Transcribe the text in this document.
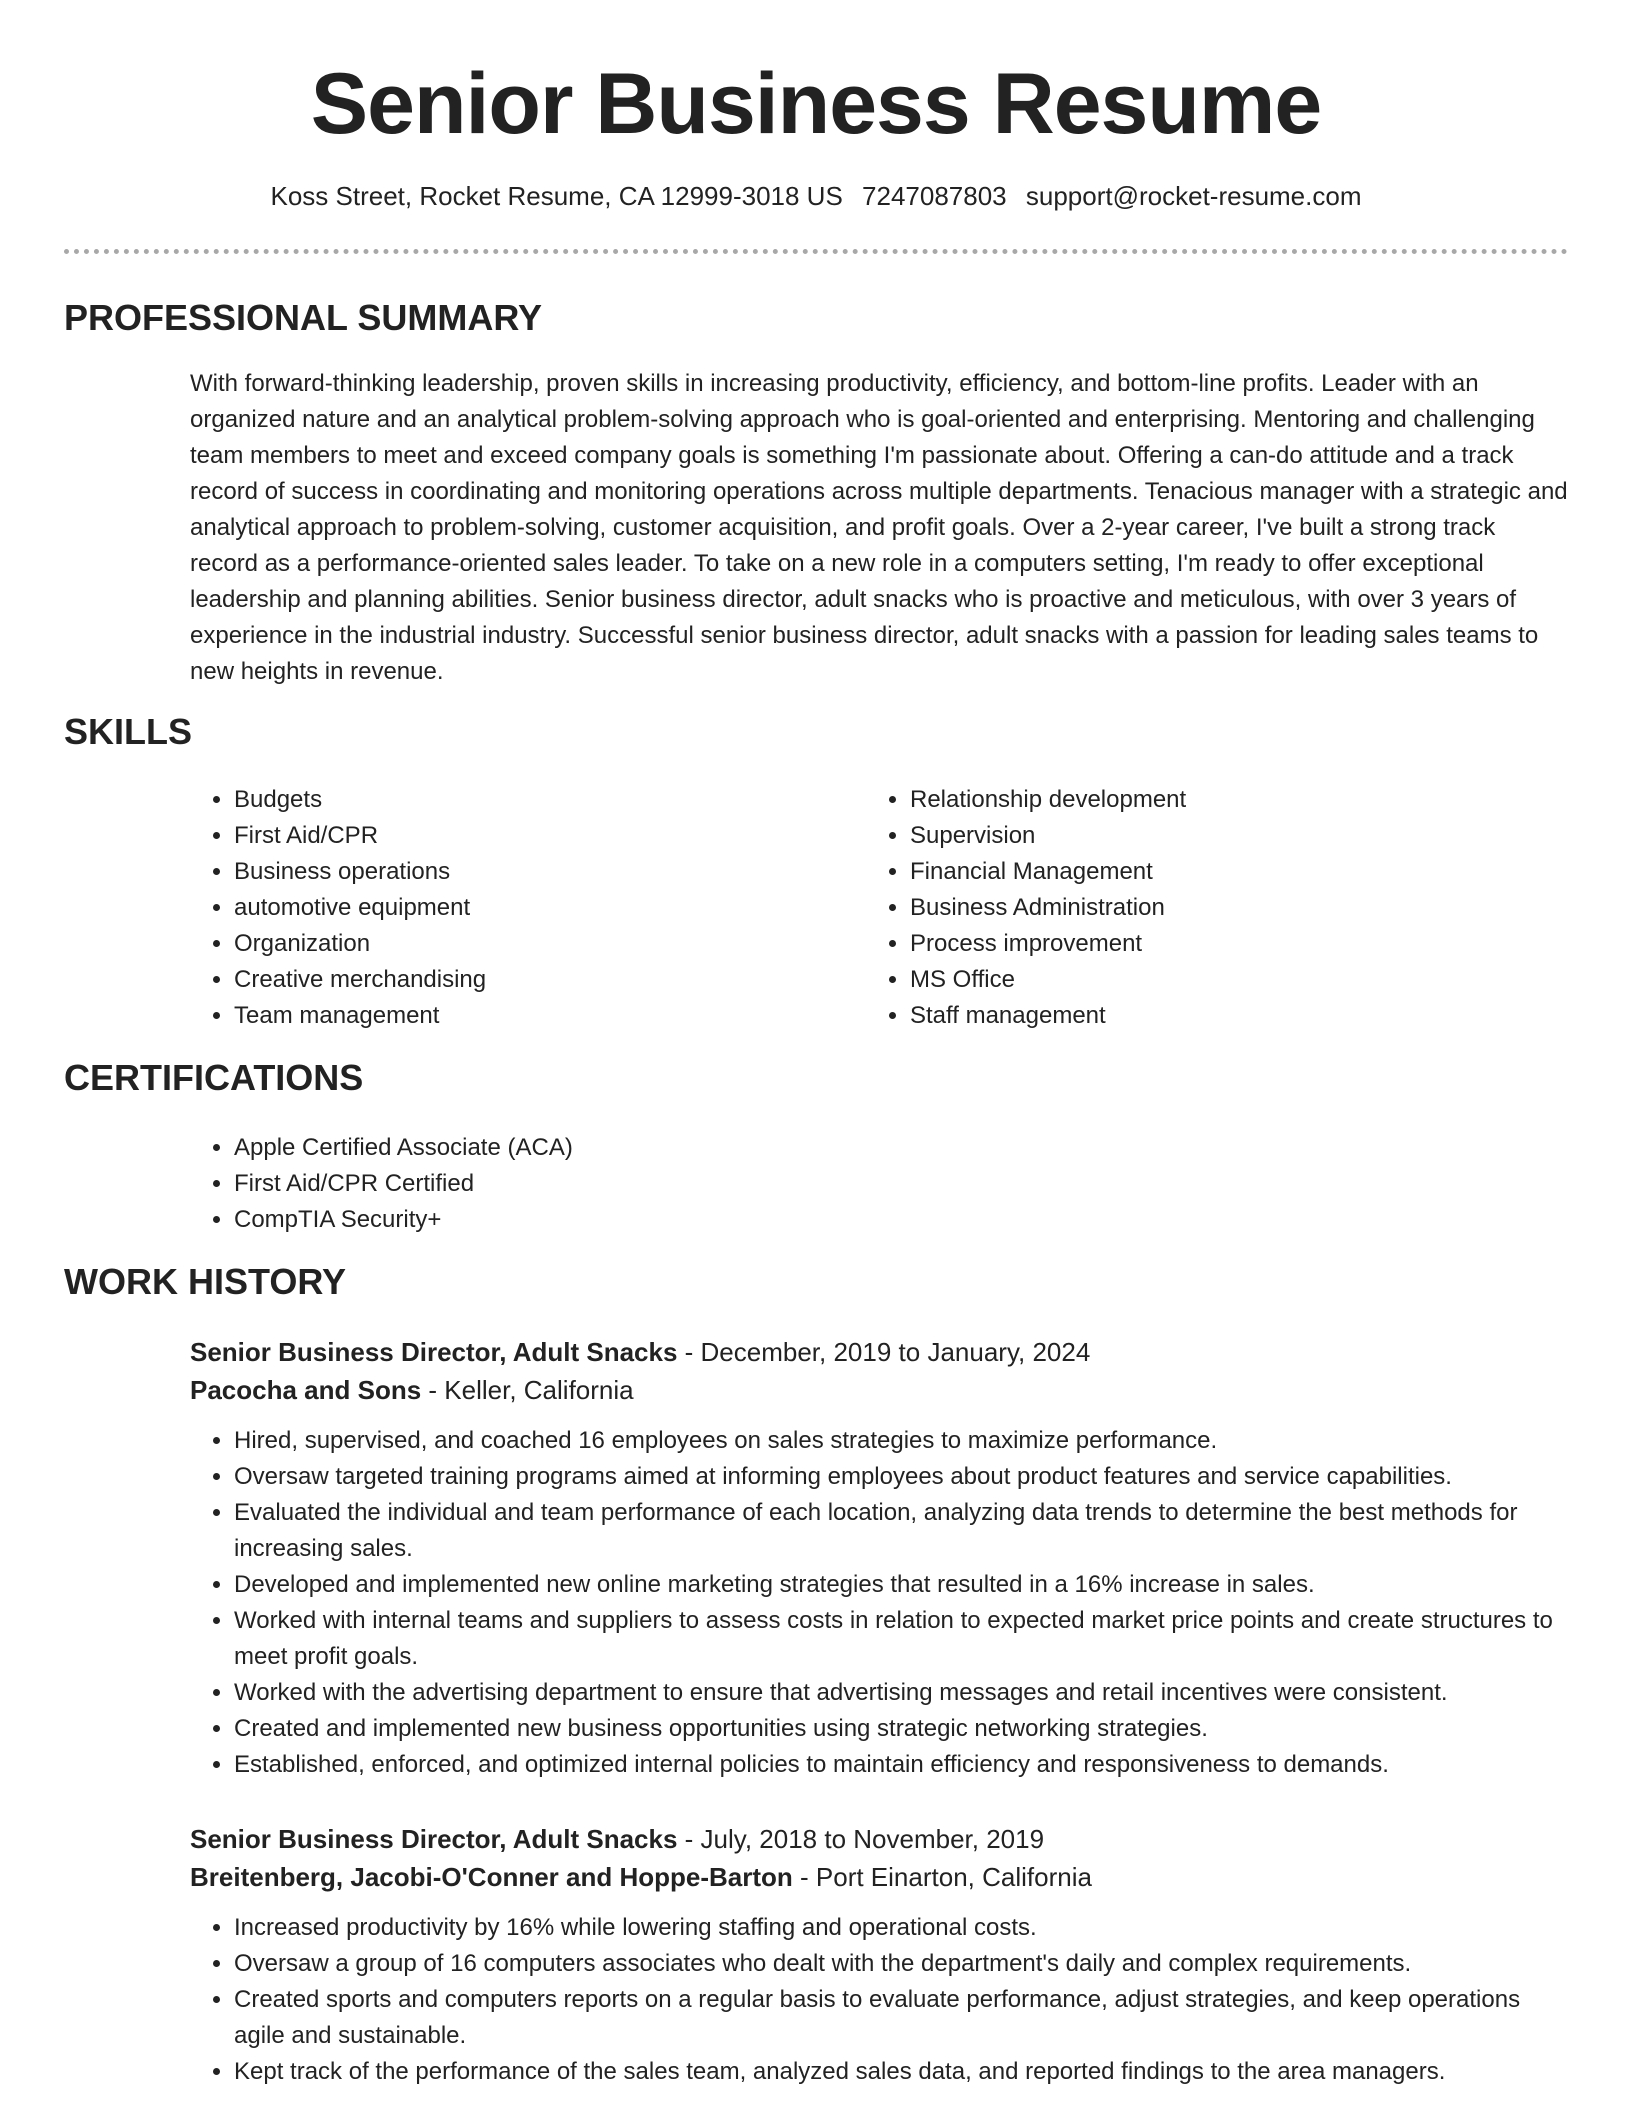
Senior Business Resume
Koss Street, Rocket Resume, CA 12999-3018 US 7247087803 support@rocket-resume.com
PROFESSIONAL SUMMARY

With forward-thinking leadership, proven skills in increasing productivity, efficiency, and bottom-line profits. Leader with an organized nature and an analytical problem-solving approach who is goal-oriented and enterprising. Mentoring and challenging team members to meet and exceed company goals is something I'm passionate about. Offering a can-do attitude and a track record of success in coordinating and monitoring operations across multiple departments. Tenacious manager with a strategic and analytical approach to problem-solving, customer acquisition, and profit goals. Over a 2-year career, I've built a strong track record as a performance-oriented sales leader. To take on a new role in a computers setting, I'm ready to offer exceptional leadership and planning abilities. Senior business director, adult snacks who is proactive and meticulous, with over 3 years of experience in the industrial industry. Successful senior business director, adult snacks with a passion for leading sales teams to new heights in revenue.

SKILLS
• Budgets
• First Aid/CPR
• Business operations
• automotive equipment
• Organization
• Creative merchandising
• Team management
• Relationship development
• Supervision
• Financial Management
• Business Administration
• Process improvement
• MS Office
• Staff management
CERTIFICATIONS
• Apple Certified Associate (ACA)
• First Aid/CPR Certified
• CompTIA Security+
WORK HISTORY

Senior Business Director, Adult Snacks - December, 2019 to January, 2024

Pacocha and Sons - Keller, California

• Hired, supervised, and coached 16 employees on sales strategies to maximize performance.
• Oversaw targeted training programs aimed at informing employees about product features and service capabilities.
• Evaluated the individual and team performance of each location, analyzing data trends to determine the best methods for increasing sales.
• Developed and implemented new online marketing strategies that resulted in a 16% increase in sales.
• Worked with internal teams and suppliers to assess costs in relation to expected market price points and create structures to meet profit goals.
• Worked with the advertising department to ensure that advertising messages and retail incentives were consistent.
• Created and implemented new business opportunities using strategic networking strategies.
• Established, enforced, and optimized internal policies to maintain efficiency and responsiveness to demands.

Senior Business Director, Adult Snacks - July, 2018 to November, 2019

Breitenberg, Jacobi-O'Conner and Hoppe-Barton - Port Einarton, California

• Increased productivity by 16% while lowering staffing and operational costs.
• Oversaw a group of 16 computers associates who dealt with the department's daily and complex requirements.
• Created sports and computers reports on a regular basis to evaluate performance, adjust strategies, and keep operations agile and sustainable.
• Kept track of the performance of the sales team, analyzed sales data, and reported findings to the area managers.
